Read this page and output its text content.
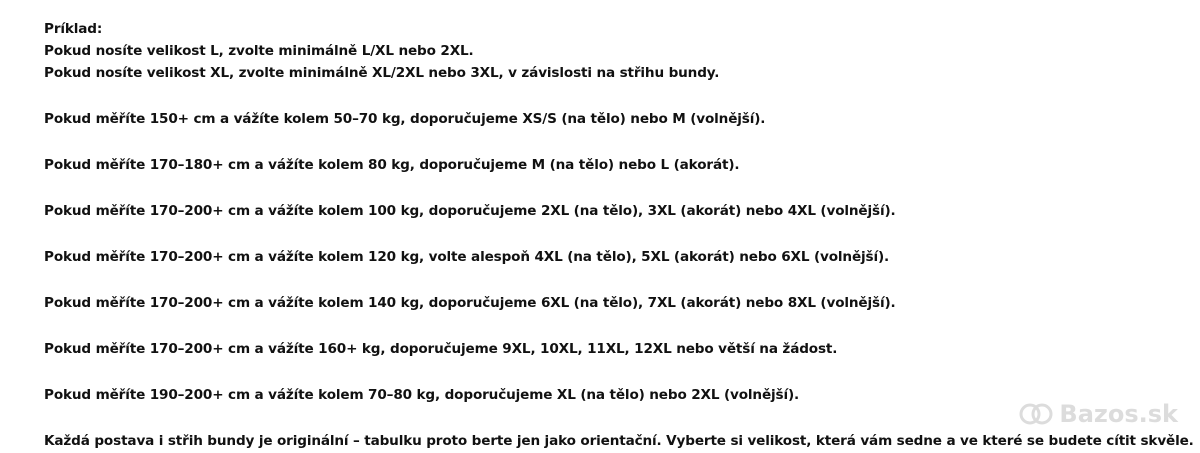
Príklad:
Pokud nosíte velikost L, zvolte minimálně L/XL nebo 2XL.
Pokud nosíte velikost XL, zvolte minimálně XL/2XL nebo 3XL, v závislosti na střihu bundy.
Pokud měříte 150+ cm a vážíte kolem 50–70 kg, doporučujeme XS/S (na tělo) nebo M (volnější).
Pokud měříte 170–180+ cm a vážíte kolem 80 kg, doporučujeme M (na tělo) nebo L (akorát).
Pokud měříte 170–200+ cm a vážíte kolem 100 kg, doporučujeme 2XL (na tělo), 3XL (akorát) nebo 4XL (volnější).
Pokud měříte 170–200+ cm a vážíte kolem 120 kg, volte alespoň 4XL (na tělo), 5XL (akorát) nebo 6XL (volnější).
Pokud měříte 170–200+ cm a vážíte kolem 140 kg, doporučujeme 6XL (na tělo), 7XL (akorát) nebo 8XL (volnější).
Pokud měříte 170–200+ cm a vážíte 160+ kg, doporučujeme 9XL, 10XL, 11XL, 12XL nebo větší na žádost.
Pokud měříte 190–200+ cm a vážíte kolem 70–80 kg, doporučujeme XL (na tělo) nebo 2XL (volnější).
Každá postava i střih bundy je originální – tabulku proto berte jen jako orientační. Vyberte si velikost, která vám sedne a ve které se budete cítit skvěle.
Bazos.sk
